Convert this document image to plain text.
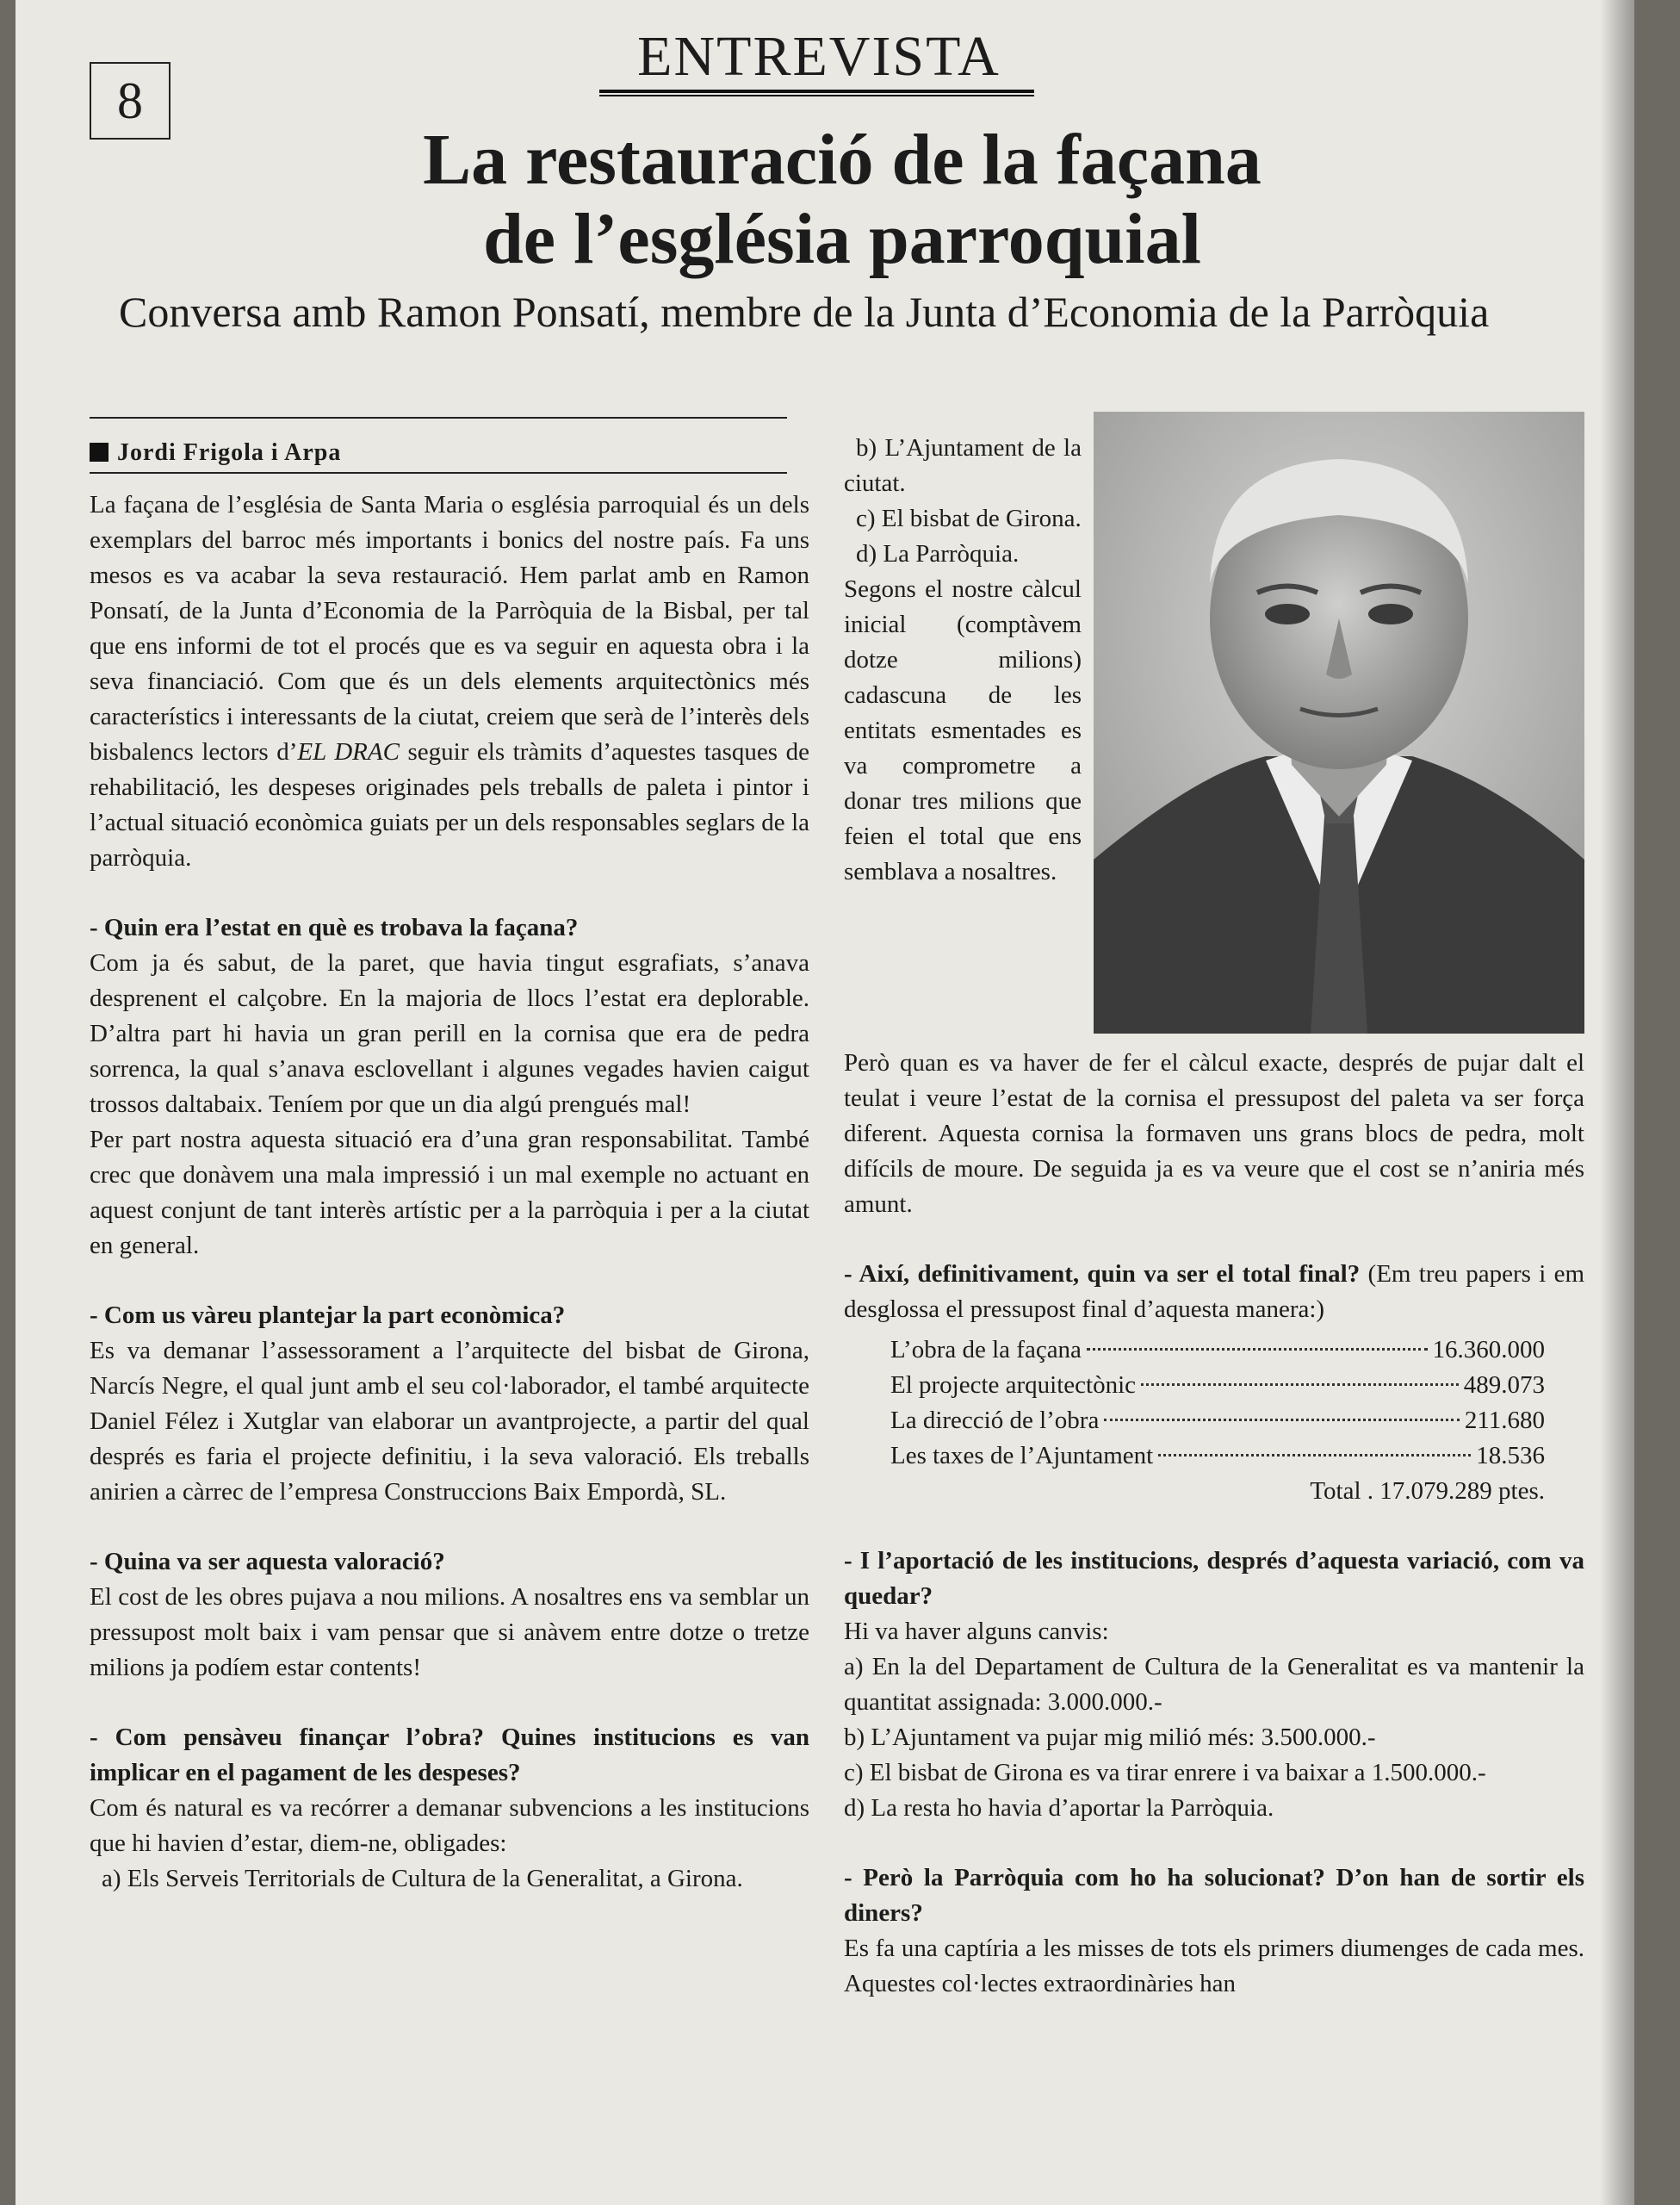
8
ENTREVISTA
La restauració de la façana
de l’església parroquial
Conversa amb Ramon Ponsatí, membre de la Junta d’Economia de la Parròquia
Jordi Frigola i Arpa

La façana de l’església de Santa Maria o església parroquial és un dels exemplars del barroc més importants i bonics del nostre país. Fa uns mesos es va acabar la seva restauració. Hem parlat amb en Ramon Ponsatí, de la Junta d’Economia de la Parròquia de la Bisbal, per tal que ens informi de tot el procés que es va seguir en aquesta obra i la seva financiació. Com que és un dels elements arquitectònics més característics i interessants de la ciutat, creiem que serà de l’interès dels bisbalencs lectors d’EL DRAC seguir els tràmits d’aquestes tasques de rehabilitació, les despeses originades pels treballs de paleta i pintor i l’actual situació econòmica guiats per un dels responsables seglars de la parròquia.

- Quin era l’estat en què es trobava la façana?

Com ja és sabut, de la paret, que havia tingut esgrafiats, s’anava desprenent el calçobre. En la majoria de llocs l’estat era deplorable. D’altra part hi havia un gran perill en la cornisa que era de pedra sorrenca, la qual s’anava esclovellant i algunes vegades havien caigut trossos daltabaix. Teníem por que un dia algú prengués mal!

Per part nostra aquesta situació era d’una gran responsabilitat. També crec que donàvem una mala impressió i un mal exemple no actuant en aquest conjunt de tant interès artístic per a la parròquia i per a la ciutat en general.

- Com us vàreu plantejar la part econòmica?

Es va demanar l’assessorament a l’arquitecte del bisbat de Girona, Narcís Negre, el qual junt amb el seu col·laborador, el també arquitecte Daniel Félez i Xutglar van elaborar un avantprojecte, a partir del qual després es faria el projecte definitiu, i la seva valoració. Els treballs anirien a càrrec de l’empresa Construccions Baix Empordà, SL.

- Quina va ser aquesta valoració?

El cost de les obres pujava a nou milions. A nosaltres ens va semblar un pressupost molt baix i vam pensar que si anàvem entre dotze o tretze milions ja podíem estar contents!

- Com pensàveu finançar l’obra? Quines institucions es van implicar en el pagament de les despeses?

Com és natural es va recórrer a demanar subvencions a les institucions que hi havien d’estar, diem-ne, obligades:

a) Els Serveis Territorials de Cultura de la Generalitat, a Girona.

b) L’Ajuntament de la ciutat.

c) El bisbat de Girona.

d) La Parròquia.

Segons el nostre càlcul inicial (comptàvem dotze milions) cadascuna de les entitats esmentades es va comprometre a donar tres milions que feien el total que ens semblava a nosaltres.

Però quan es va haver de fer el càlcul exacte, després de pujar dalt el teulat i veure l’estat de la cornisa el pressupost del paleta va ser força diferent. Aquesta cornisa la formaven uns grans blocs de pedra, molt difícils de moure. De seguida ja es va veure que el cost se n’aniria més amunt.

- Així, definitivament, quin va ser el total final? (Em treu papers i em desglossa el pressupost final d’aquesta manera:)

L’obra de la façana	16.360.000
El projecte arquitectònic	489.073
La direcció de l’obra	211.680
Les taxes de l’Ajuntament	18.536
Total . 17.079.289 ptes.

- I l’aportació de les institucions, després d’aquesta variació, com va quedar?

Hi va haver alguns canvis:

a) En la del Departament de Cultura de la Generalitat es va mantenir la quantitat assignada: 3.000.000.-

b) L’Ajuntament va pujar mig milió més: 3.500.000.-

c) El bisbat de Girona es va tirar enrere i va baixar a 1.500.000.-

d) La resta ho havia d’aportar la Parròquia.

- Però la Parròquia com ho ha solucionat? D’on han de sortir els diners?

Es fa una captíria a les misses de tots els primers diumenges de cada mes. Aquestes col·lectes extraordinàries han
